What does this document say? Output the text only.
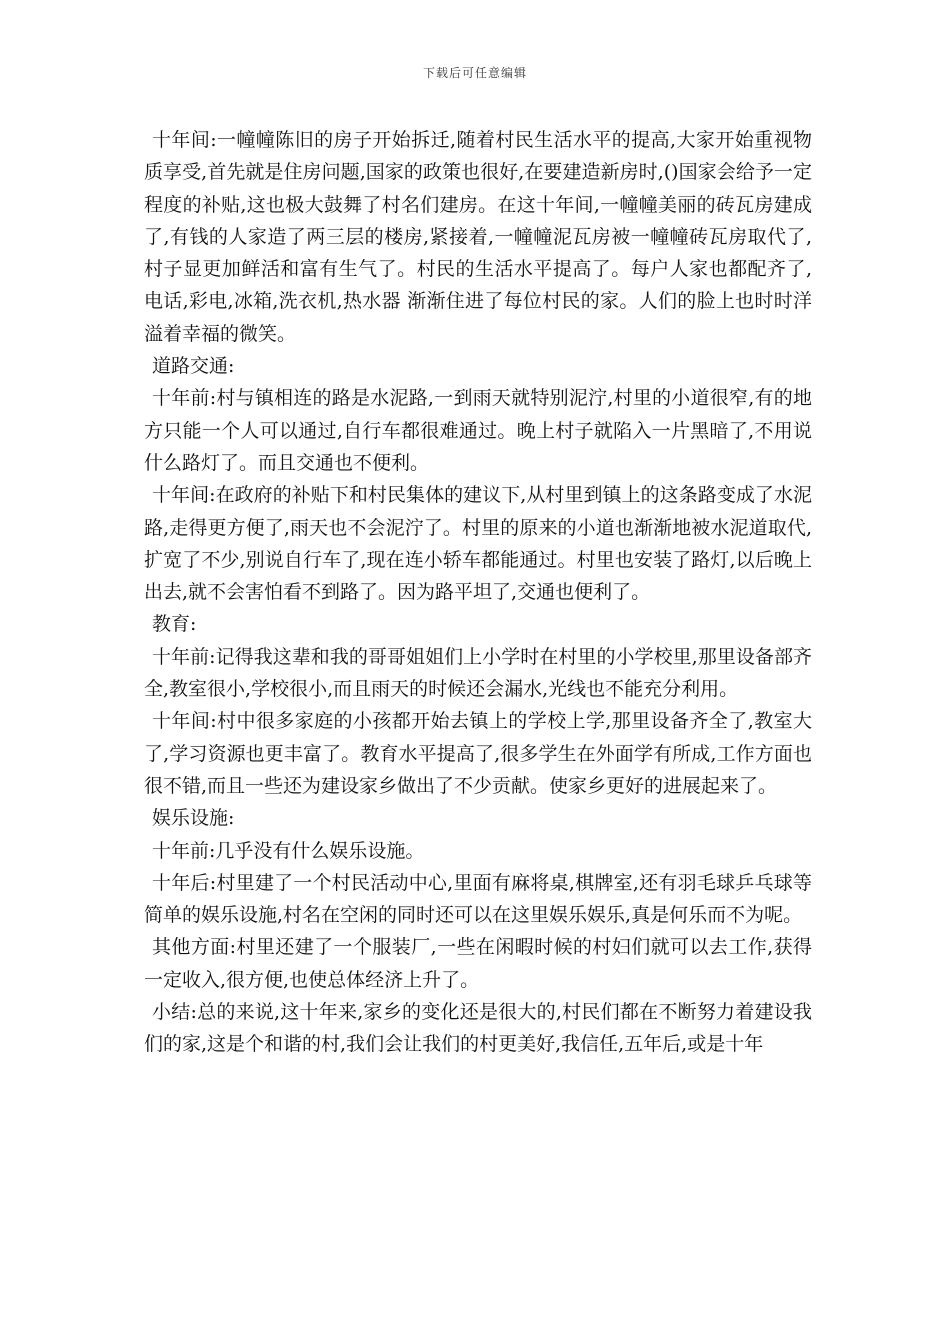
下载后可任意编辑

十年间:一幢幢陈旧的房子开始拆迁,随着村民生活水平的提高,大家开始重视物质享受,首先就是住房问题,国家的政策也很好,在要建造新房时,()国家会给予一定程度的补贴,这也极大鼓舞了村名们建房。在这十年间,一幢幢美丽的砖瓦房建成了,有钱的人家造了两三层的楼房,紧接着,一幢幢泥瓦房被一幢幢砖瓦房取代了,村子显更加鲜活和富有生气了。村民的生活水平提高了。每户人家也都配齐了,电话,彩电,冰箱,洗衣机,热水器 渐渐住进了每位村民的家。人们的脸上也时时洋溢着幸福的微笑。

道路交通:

十年前:村与镇相连的路是水泥路,一到雨天就特别泥泞,村里的小道很窄,有的地方只能一个人可以通过,自行车都很难通过。晚上村子就陷入一片黑暗了,不用说什么路灯了。而且交通也不便利。

十年间:在政府的补贴下和村民集体的建议下,从村里到镇上的这条路变成了水泥路,走得更方便了,雨天也不会泥泞了。村里的原来的小道也渐渐地被水泥道取代,扩宽了不少,别说自行车了,现在连小轿车都能通过。村里也安装了路灯,以后晚上出去,就不会害怕看不到路了。因为路平坦了,交通也便利了。

教育:

十年前:记得我这辈和我的哥哥姐姐们上小学时在村里的小学校里,那里设备部齐全,教室很小,学校很小,而且雨天的时候还会漏水,光线也不能充分利用。

十年间:村中很多家庭的小孩都开始去镇上的学校上学,那里设备齐全了,教室大了,学习资源也更丰富了。教育水平提高了,很多学生在外面学有所成,工作方面也很不错,而且一些还为建设家乡做出了不少贡献。使家乡更好的进展起来了。

娱乐设施:

十年前:几乎没有什么娱乐设施。

十年后:村里建了一个村民活动中心,里面有麻将桌,棋牌室,还有羽毛球乒乓球等简单的娱乐设施,村名在空闲的同时还可以在这里娱乐娱乐,真是何乐而不为呢。

其他方面:村里还建了一个服装厂,一些在闲暇时候的村妇们就可以去工作,获得一定收入,很方便,也使总体经济上升了。

小结:总的来说,这十年来,家乡的变化还是很大的,村民们都在不断努力着建设我们的家,这是个和谐的村,我们会让我们的村更美好,我信任,五年后,或是十年
